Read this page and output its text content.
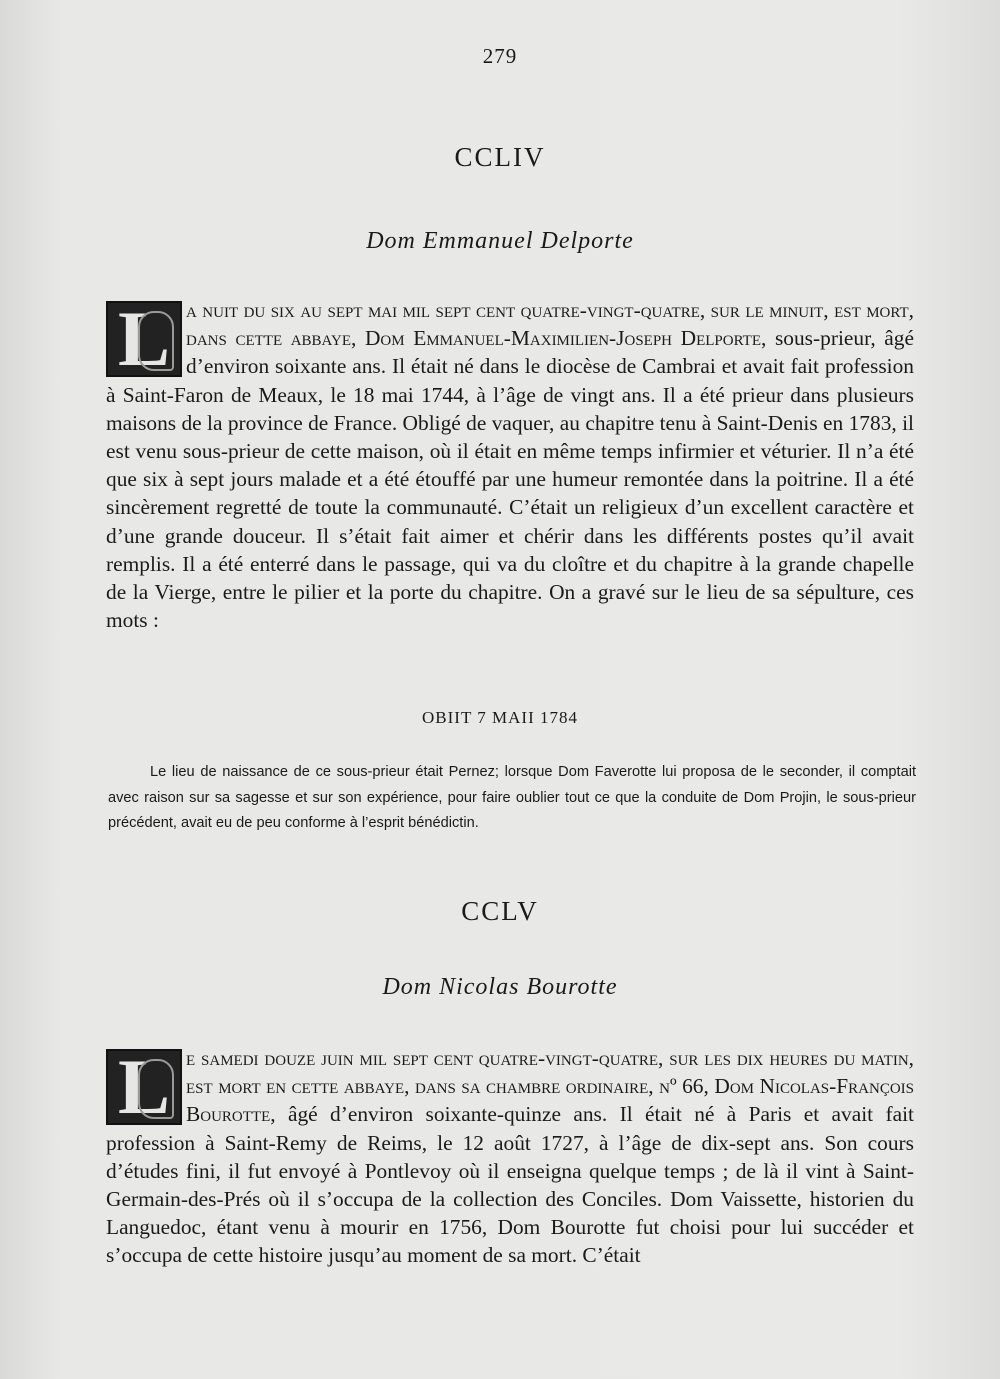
279
CCLIV
Dom Emmanuel Delporte

L a nuit du six au sept mai mil sept cent quatre-vingt-quatre, sur le minuit, est mort, dans cette abbaye, Dom Emmanuel-Maximilien-Joseph Delporte, sous-prieur, âgé d’environ soixante ans. Il était né dans le diocèse de Cambrai et avait fait profession à Saint-Faron de Meaux, le 18 mai 1744, à l’âge de vingt ans. Il a été prieur dans plusieurs maisons de la province de France. Obligé de vaquer, au chapitre tenu à Saint-Denis en 1783, il est venu sous-prieur de cette maison, où il était en même temps infirmier et véturier. Il n’a été que six à sept jours malade et a été étouffé par une humeur remontée dans la poitrine. Il a été sincèrement regretté de toute la communauté. C’était un religieux d’un excellent caractère et d’une grande douceur. Il s’était fait aimer et chérir dans les différents postes qu’il avait remplis. Il a été enterré dans le passage, qui va du cloître et du chapitre à la grande chapelle de la Vierge, entre le pilier et la porte du chapitre. On a gravé sur le lieu de sa sépulture, ces mots :

OBIIT 7 MAII 1784
Le lieu de naissance de ce sous-prieur était Pernez; lorsque Dom Faverotte lui proposa de le seconder, il comptait avec raison sur sa sagesse et sur son expérience, pour faire oublier tout ce que la conduite de Dom Projin, le sous-prieur précédent, avait eu de peu conforme à l’esprit bénédictin.
CCLV
Dom Nicolas Bourotte

L e samedi douze juin mil sept cent quatre-vingt-quatre, sur les dix heures du matin, est mort en cette abbaye, dans sa chambre ordinaire, nº 66, Dom Nicolas-François Bourotte, âgé d’environ soixante-quinze ans. Il était né à Paris et avait fait profession à Saint-Remy de Reims, le 12 août 1727, à l’âge de dix-sept ans. Son cours d’études fini, il fut envoyé à Pontlevoy où il enseigna quelque temps ; de là il vint à Saint-Germain-des-Prés où il s’occupa de la collection des Conciles. Dom Vaissette, historien du Languedoc, étant venu à mourir en 1756, Dom Bourotte fut choisi pour lui succéder et s’occupa de cette histoire jusqu’au moment de sa mort. C’était
